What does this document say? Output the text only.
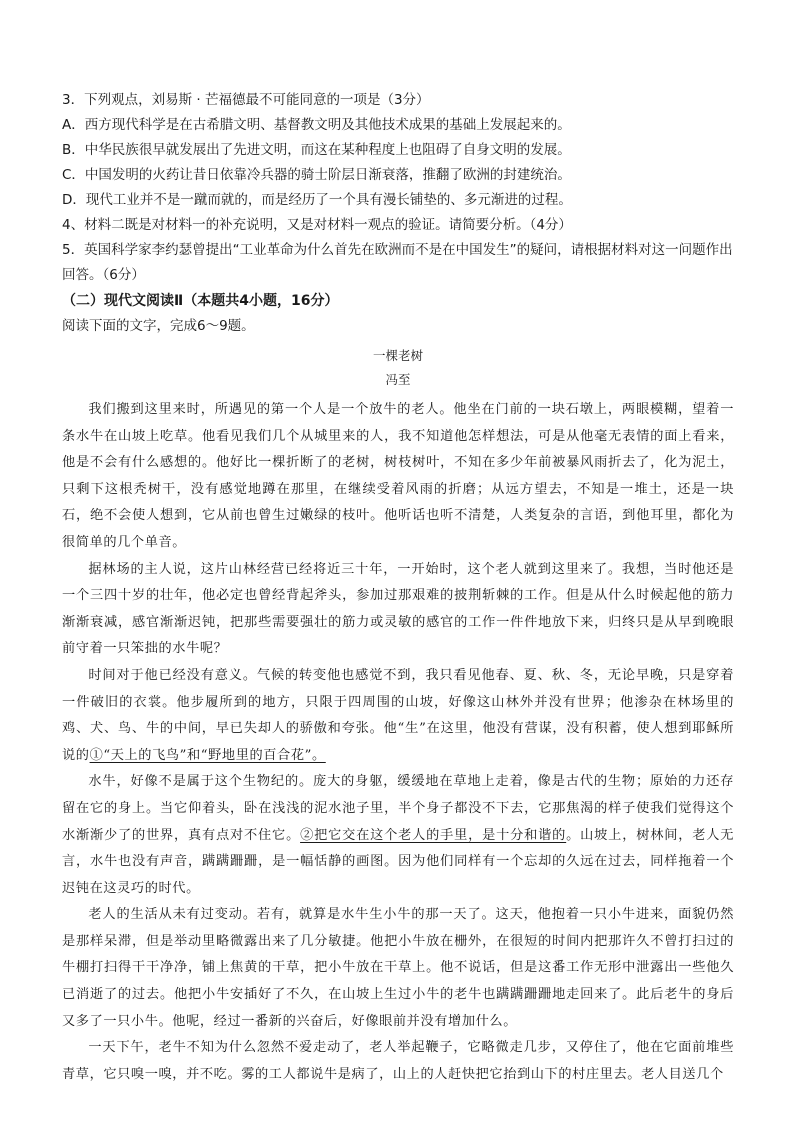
3．下列观点，刘易斯 · 芒福德最不可能同意的一项是（3分）

A．西方现代科学是在古希腊文明、基督教文明及其他技术成果的基础上发展起来的。

B．中华民族很早就发展出了先进文明，而这在某种程度上也阻碍了自身文明的发展。

C．中国发明的火药让昔日依靠冷兵器的骑士阶层日渐衰落，推翻了欧洲的封建统治。

D．现代工业并不是一蹴而就的，而是经历了一个具有漫长铺垫的、多元渐进的过程。

4、材料二既是对材料一的补充说明，又是对材料一观点的验证。请简要分析。（4分）

5．英国科学家李约瑟曾提出“工业革命为什么首先在欧洲而不是在中国发生”的疑问，请根据材料对这一问题作出回答。（6分）

（二）现代文阅读Ⅱ（本题共4小题，16分）

阅读下面的文字，完成6～9题。

一棵老树

冯至

我们搬到这里来时，所遇见的第一个人是一个放牛的老人。他坐在门前的一块石墩上，两眼模糊，望着一条水牛在山坡上吃草。他看见我们几个从城里来的人，我不知道他怎样想法，可是从他毫无表情的面上看来，他是不会有什么感想的。他好比一棵折断了的老树，树枝树叶，不知在多少年前被暴风雨折去了，化为泥土，只剩下这根秃树干，没有感觉地蹲在那里，在继续受着风雨的折磨；从远方望去，不知是一堆土，还是一块石，绝不会使人想到，它从前也曾生过嫩绿的枝叶。他听话也听不清楚，人类复杂的言语，到他耳里，都化为很简单的几个单音。

据林场的主人说，这片山林经营已经将近三十年，一开始时，这个老人就到这里来了。我想，当时他还是一个三四十岁的壮年，他必定也曾经背起斧头，参加过那艰难的披荆斩棘的工作。但是从什么时候起他的筋力渐渐衰减，感官渐渐迟钝，把那些需要强壮的筋力或灵敏的感官的工作一件件地放下来，归终只是从早到晚眼前守着一只笨拙的水牛呢？

时间对于他已经没有意义。气候的转变他也感觉不到，我只看见他春、夏、秋、冬，无论早晚，只是穿着一件破旧的衣裳。他步履所到的地方，只限于四周围的山坡，好像这山林外并没有世界；他渗杂在林场里的鸡、犬、鸟、牛的中间，早已失却人的骄傲和夸张。他“生”在这里，他没有营谋，没有积蓄，使人想到耶稣所说的①“天上的飞鸟”和“野地里的百合花”。

水牛，好像不是属于这个生物纪的。庞大的身躯，缓缓地在草地上走着，像是古代的生物；原始的力还存留在它的身上。当它仰着头，卧在浅浅的泥水池子里，半个身子都没不下去，它那焦渴的样子使我们觉得这个水渐渐少了的世界，真有点对不住它。②把它交在这个老人的手里，是十分和谐的。山坡上，树林间，老人无言，水牛也没有声音，蹒蹒跚跚，是一幅恬静的画图。因为他们同样有一个忘却的久远在过去，同样拖着一个迟钝在这灵巧的时代。

老人的生活从未有过变动。若有，就算是水牛生小牛的那一天了。这天，他抱着一只小牛进来，面貌仍然是那样呆滞，但是举动里略微露出来了几分敏捷。他把小牛放在栅外，在很短的时间内把那许久不曾打扫过的牛棚打扫得干干净净，铺上焦黄的干草，把小牛放在干草上。他不说话，但是这番工作无形中泄露出一些他久已消逝了的过去。他把小牛安插好了不久，在山坡上生过小牛的老牛也蹒蹒跚跚地走回来了。此后老牛的身后又多了一只小牛。他呢，经过一番新的兴奋后，好像眼前并没有增加什么。

一天下午，老牛不知为什么忽然不爱走动了，老人举起鞭子，它略微走几步，又停住了，他在它面前堆些青草，它只嗅一嗅，并不吃。雾的工人都说牛是病了，山上的人赶快把它抬到山下的村庄里去。老人目送几个
